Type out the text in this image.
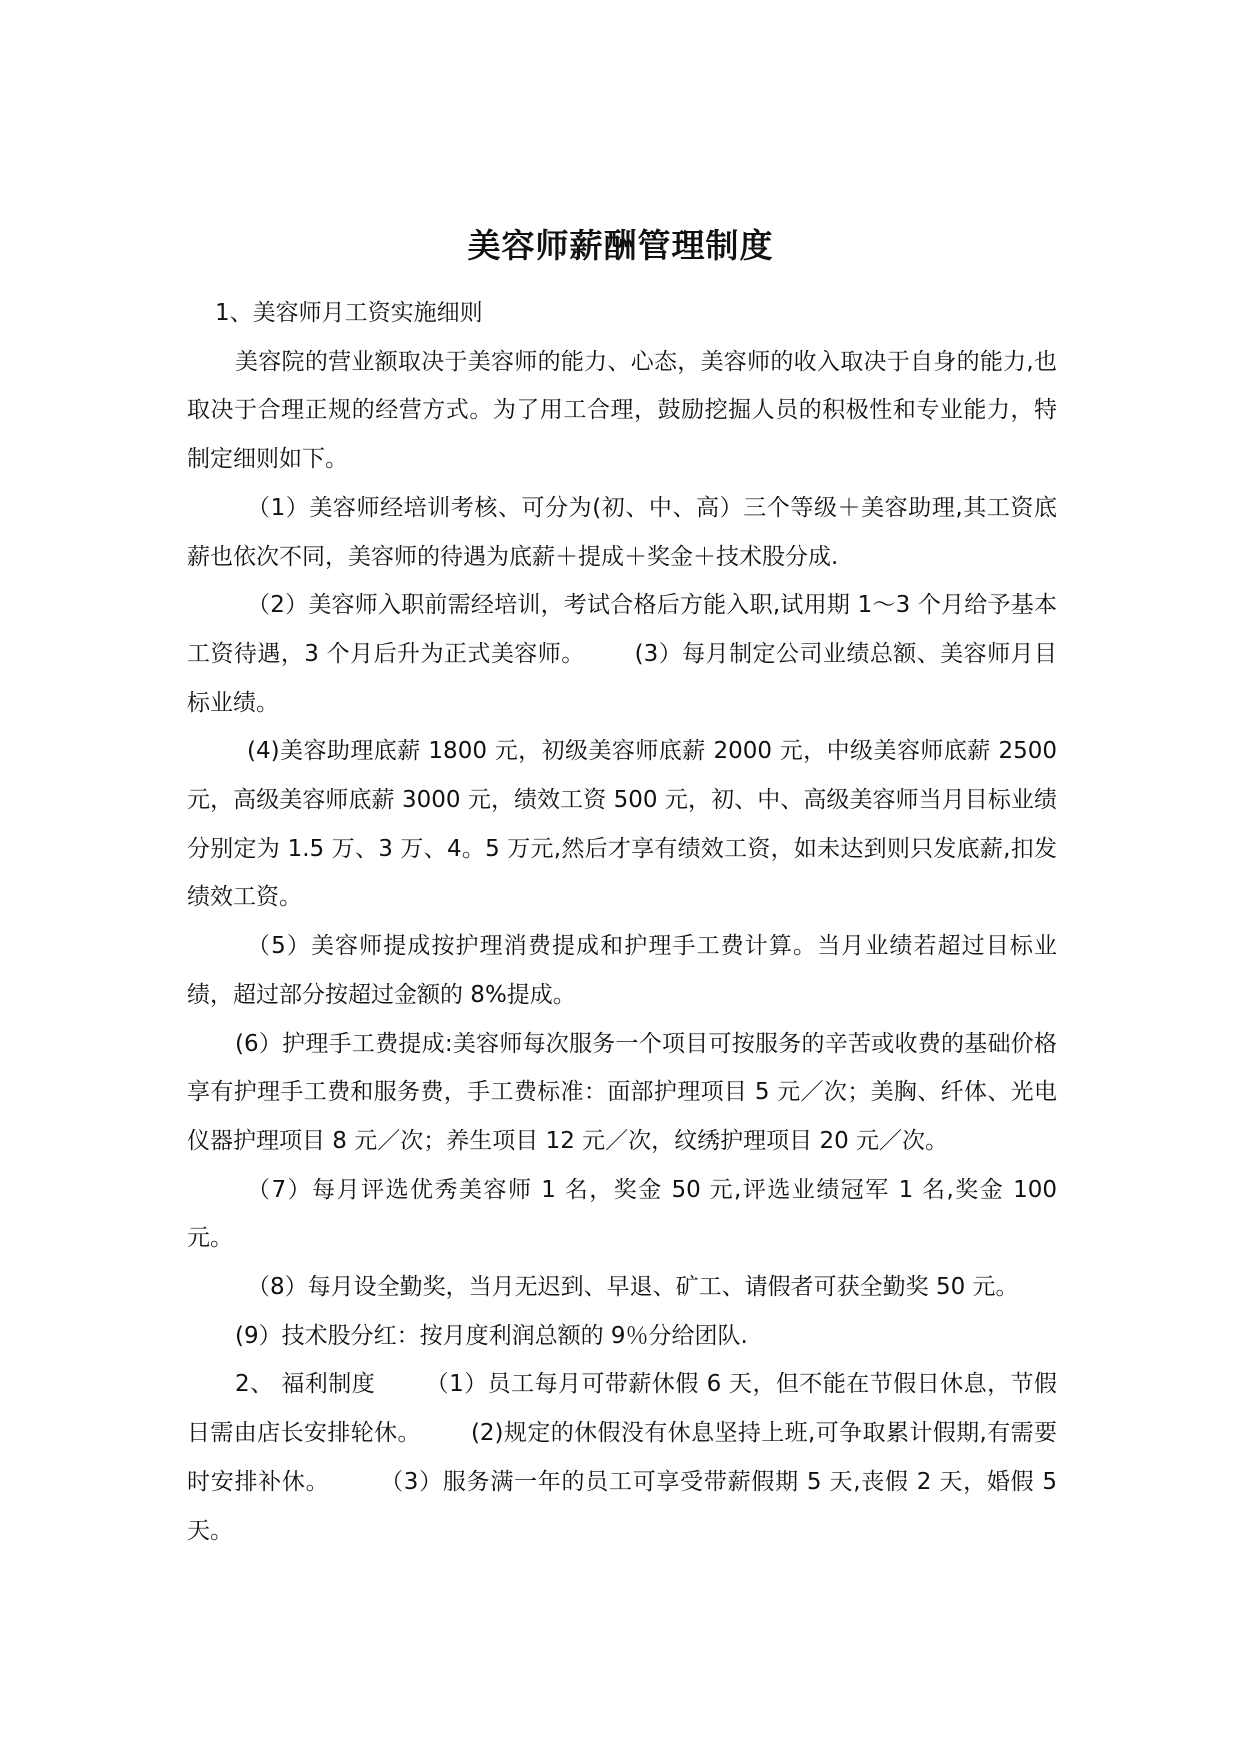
美容师薪酬管理制度

1、美容师月工资实施细则

美容院的营业额取决于美容师的能力、心态，美容师的收入取决于自身的能力,也取决于合理正规的经营方式。为了用工合理，鼓励挖掘人员的积极性和专业能力，特制定细则如下。

（1）美容师经培训考核、可分为(初、中、高）三个等级＋美容助理,其工资底薪也依次不同，美容师的待遇为底薪＋提成＋奖金＋技术股分成.

（2）美容师入职前需经培训，考试合格后方能入职,试用期 1～3 个月给予基本工资待遇，3 个月后升为正式美容师。 (3）每月制定公司业绩总额、美容师月目标业绩。

(4)美容助理底薪 1800 元，初级美容师底薪 2000 元，中级美容师底薪 2500 元，高级美容师底薪 3000 元，绩效工资 500 元，初、中、高级美容师当月目标业绩分别定为 1.5 万、3 万、4。5 万元,然后才享有绩效工资，如未达到则只发底薪,扣发绩效工资。

（5）美容师提成按护理消费提成和护理手工费计算。当月业绩若超过目标业绩，超过部分按超过金额的 8%提成。

(6）护理手工费提成:美容师每次服务一个项目可按服务的辛苦或收费的基础价格享有护理手工费和服务费，手工费标准：面部护理项目 5 元／次；美胸、纤体、光电仪器护理项目 8 元／次；养生项目 12 元／次，纹绣护理项目 20 元／次。

（7）每月评选优秀美容师 1 名，奖金 50 元,评选业绩冠军 1 名,奖金 100 元。

（8）每月设全勤奖，当月无迟到、早退、矿工、请假者可获全勤奖 50 元。

(9）技术股分红：按月度利润总额的 9％分给团队.

2、 福利制度 （1）员工每月可带薪休假 6 天，但不能在节假日休息，节假日需由店长安排轮休。 (2)规定的休假没有休息坚持上班,可争取累计假期,有需要时安排补休。 （3）服务满一年的员工可享受带薪假期 5 天,丧假 2 天，婚假 5 天。
